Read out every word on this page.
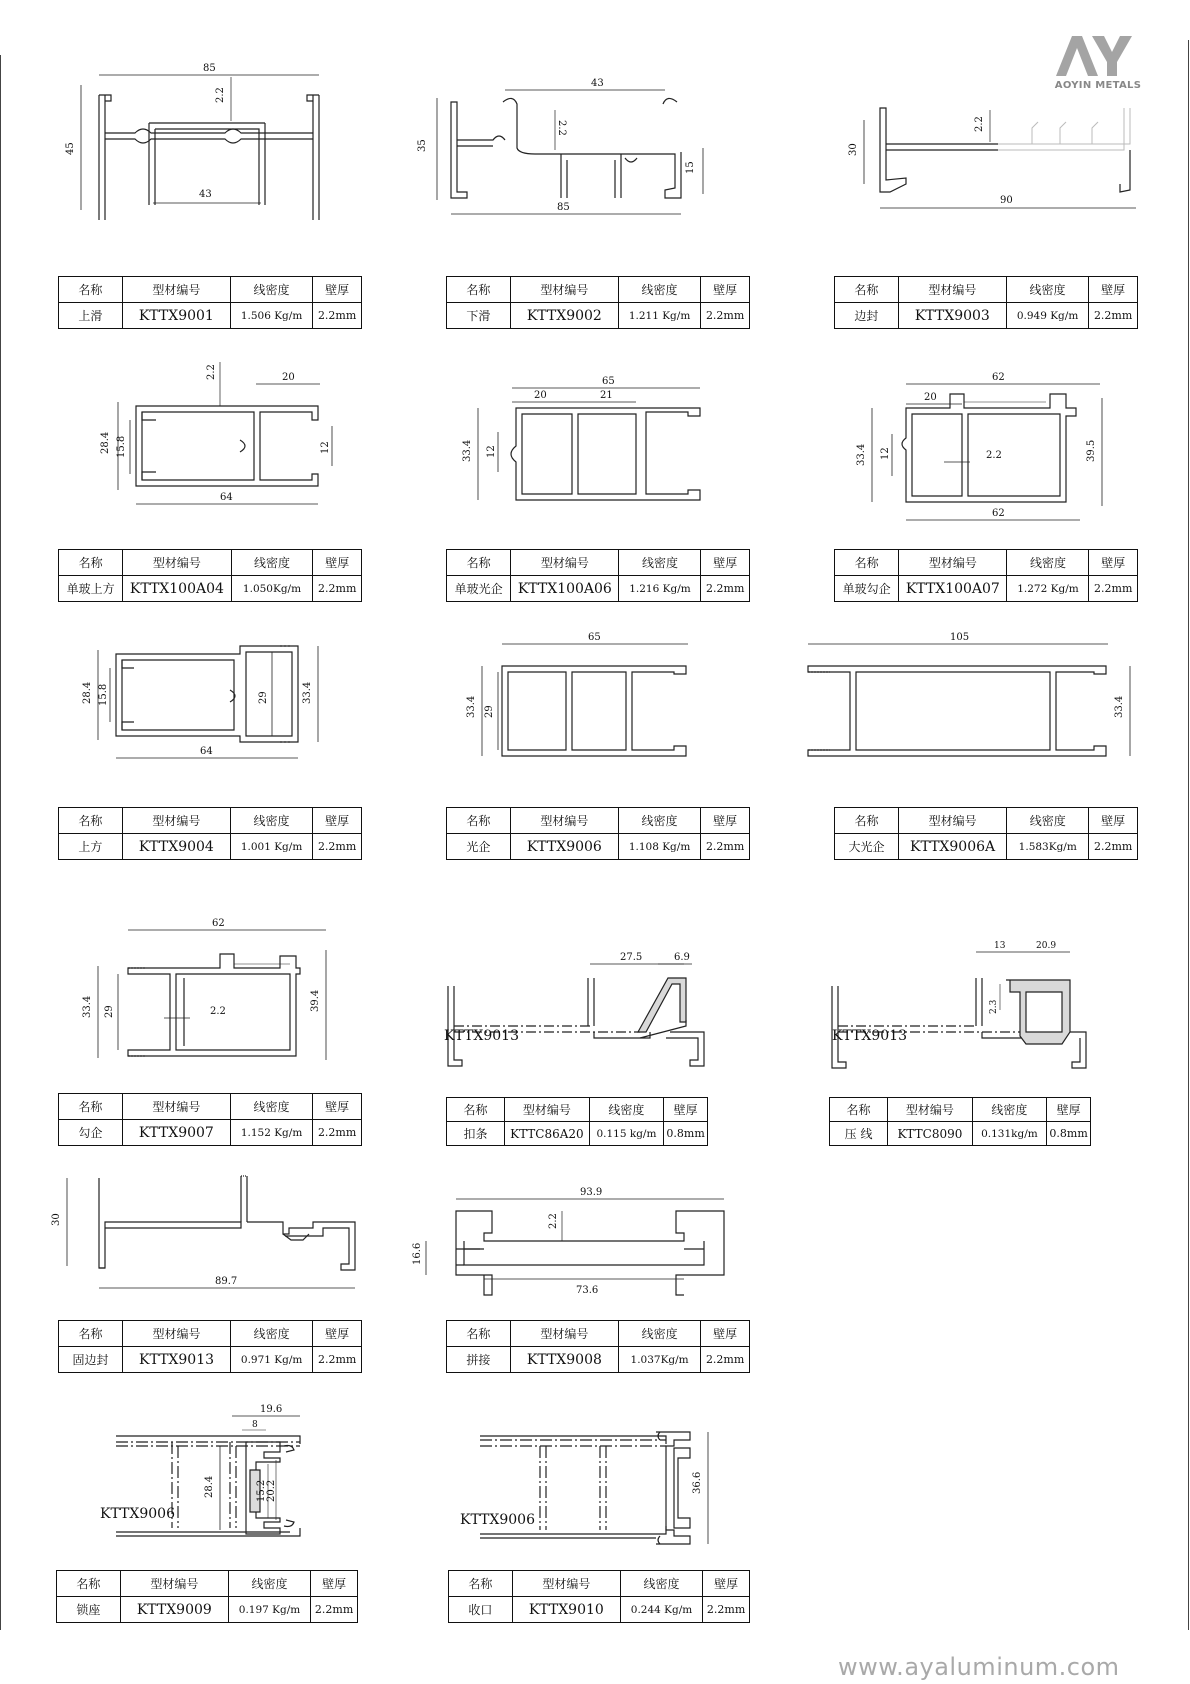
AOYIN METALS
85
2.2
45
43
43
2.2
35
15
85
2.2
30
90
名称	型材编号	线密度	壁厚
上滑	KTTX9001	1.506 Kg/m	2.2mm
名称	型材编号	线密度	壁厚
下滑	KTTX9002	1.211 Kg/m	2.2mm
名称	型材编号	线密度	壁厚
边封	KTTX9003	0.949 Kg/m	2.2mm
2.2	20
28.4 15.8	12
64
65
20	21
33.4 12
62
20
2.2
33.4 12	39.5
62
名称	型材编号	线密度	壁厚
单玻上方	KTTX100A04	1.050Kg/m	2.2mm
名称	型材编号	线密度	壁厚
单玻光企	KTTX100A06	1.216 Kg/m	2.2mm
名称	型材编号	线密度	壁厚
单玻勾企	KTTX100A07	1.272 Kg/m	2.2mm
28.4 15.8	29	33.4
64
65
33.4 29
105
33.4
名称	型材编号	线密度	壁厚
上方	KTTX9004	1.001 Kg/m	2.2mm
名称	型材编号	线密度	壁厚
光企	KTTX9006	1.108 Kg/m	2.2mm
名称	型材编号	线密度	壁厚
大光企	KTTX9006A	1.583Kg/m	2.2mm
62
2.2
33.4 29	39.4
27.5	6.9
KTTX9013
13	20.9
2.3
KTTX9013
名称	型材编号	线密度	壁厚
勾企	KTTX9007	1.152 Kg/m	2.2mm
名称	型材编号	线密度	壁厚
扣条	KTTC86A20	0.115 kg/m	0.8mm
名称	型材编号	线密度	壁厚
压 线	KTTC8090	0.131kg/m	0.8mm
30
89.7
93.9
2.2
16.6
73.6
名称	型材编号	线密度	壁厚
固边封	KTTX9013	0.971 Kg/m	2.2mm
名称	型材编号	线密度	壁厚
拼接	KTTX9008	1.037Kg/m	2.2mm
19.6
8
28.4	15.2 20.2
KTTX9006
36.6
KTTX9006
名称	型材编号	线密度	壁厚
锁座	KTTX9009	0.197 Kg/m	2.2mm
名称	型材编号	线密度	壁厚
收口	KTTX9010	0.244 Kg/m	2.2mm
www.ayaluminum.com
